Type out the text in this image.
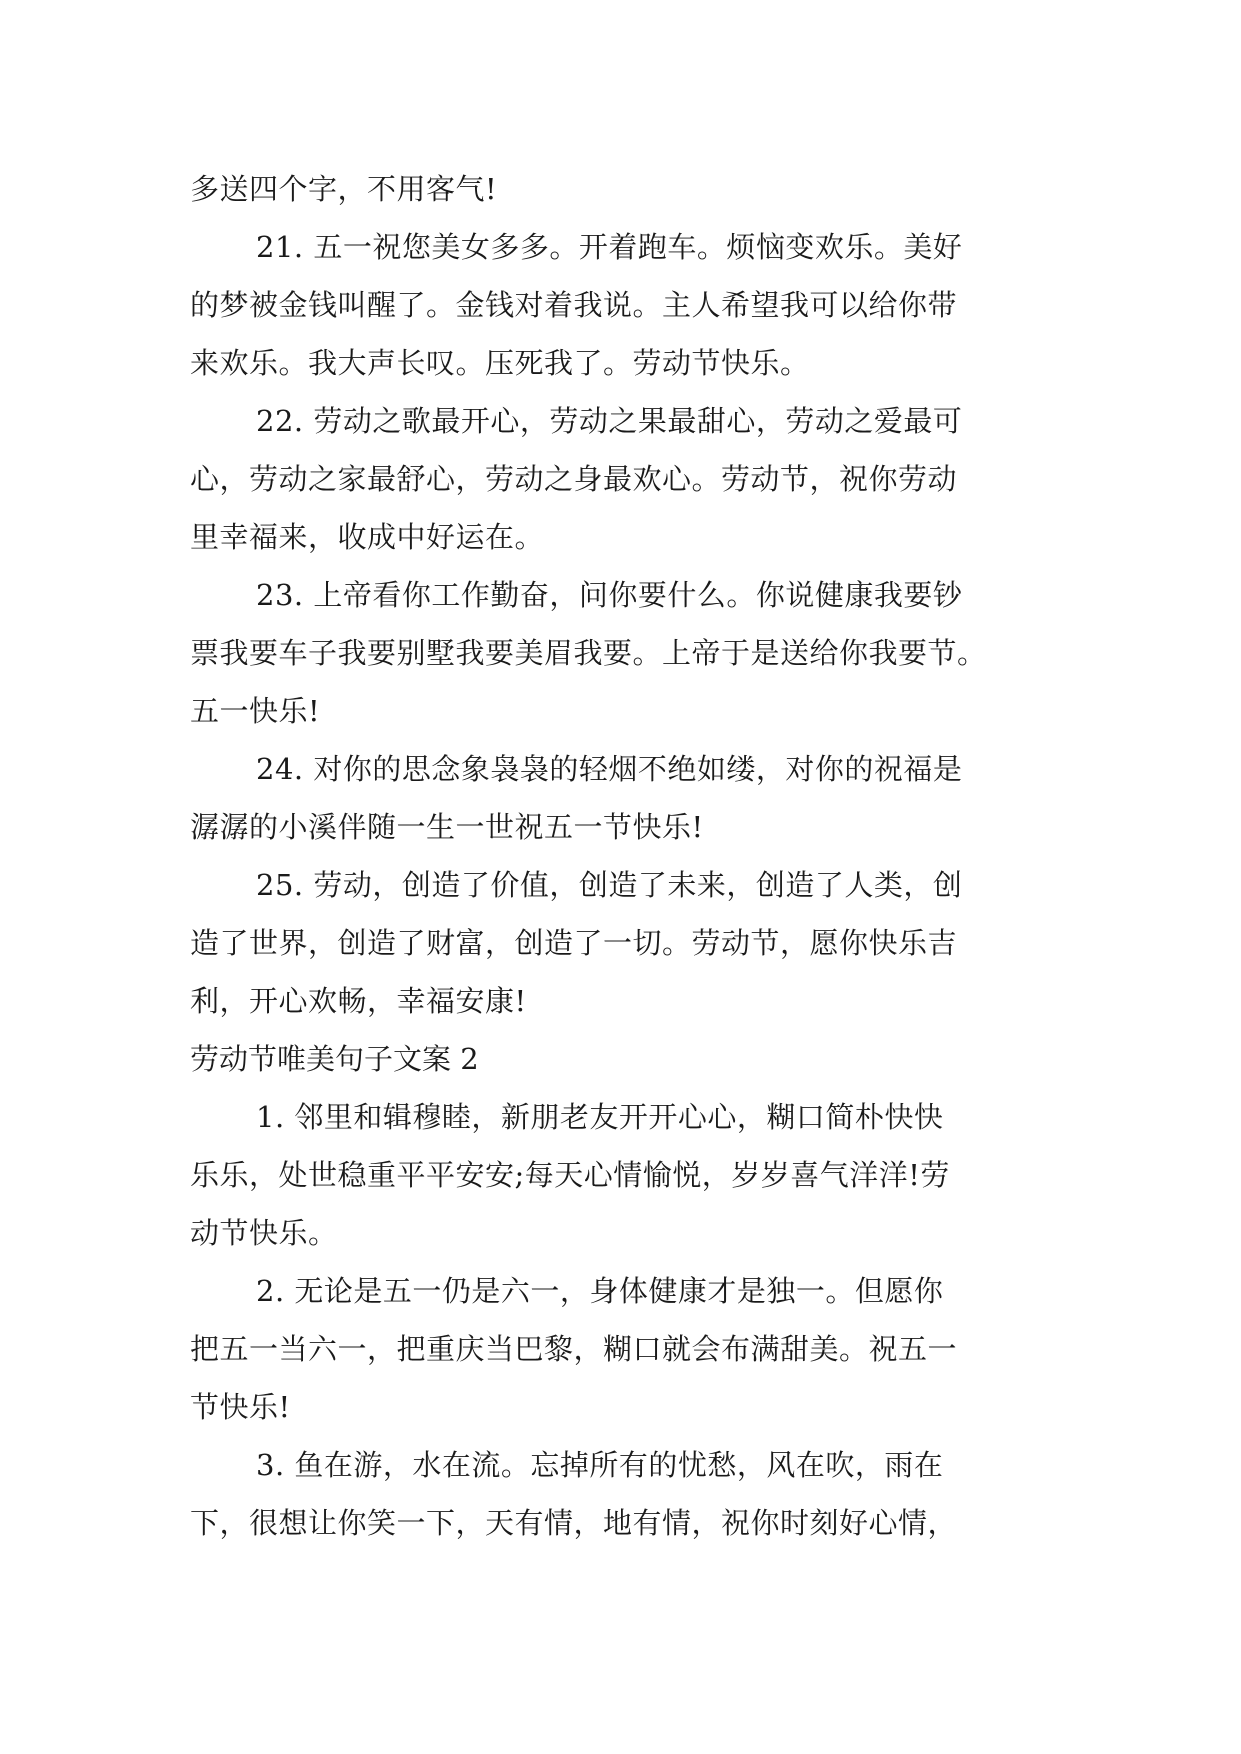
多送四个字，不用客气!
21. 五一祝您美女多多。开着跑车。烦恼变欢乐。美好
的梦被金钱叫醒了。金钱对着我说。主人希望我可以给你带
来欢乐。我大声长叹。压死我了。劳动节快乐。
22. 劳动之歌最开心，劳动之果最甜心，劳动之爱最可
心，劳动之家最舒心，劳动之身最欢心。劳动节，祝你劳动
里幸福来，收成中好运在。
23. 上帝看你工作勤奋，问你要什么。你说健康我要钞
票我要车子我要别墅我要美眉我要。上帝于是送给你我要节。
五一快乐!
24. 对你的思念象袅袅的轻烟不绝如缕，对你的祝福是
潺潺的小溪伴随一生一世祝五一节快乐!
25. 劳动，创造了价值，创造了未来，创造了人类，创
造了世界，创造了财富，创造了一切。劳动节，愿你快乐吉
利，开心欢畅，幸福安康!
劳动节唯美句子文案 2
1. 邻里和辑穆睦，新朋老友开开心心，糊口简朴快快
乐乐，处世稳重平平安安;每天心情愉悦，岁岁喜气洋洋!劳
动节快乐。
2. 无论是五一仍是六一，身体健康才是独一。但愿你
把五一当六一，把重庆当巴黎，糊口就会布满甜美。祝五一
节快乐!
3. 鱼在游，水在流。忘掉所有的忧愁，风在吹，雨在
下，很想让你笑一下，天有情，地有情，祝你时刻好心情，
